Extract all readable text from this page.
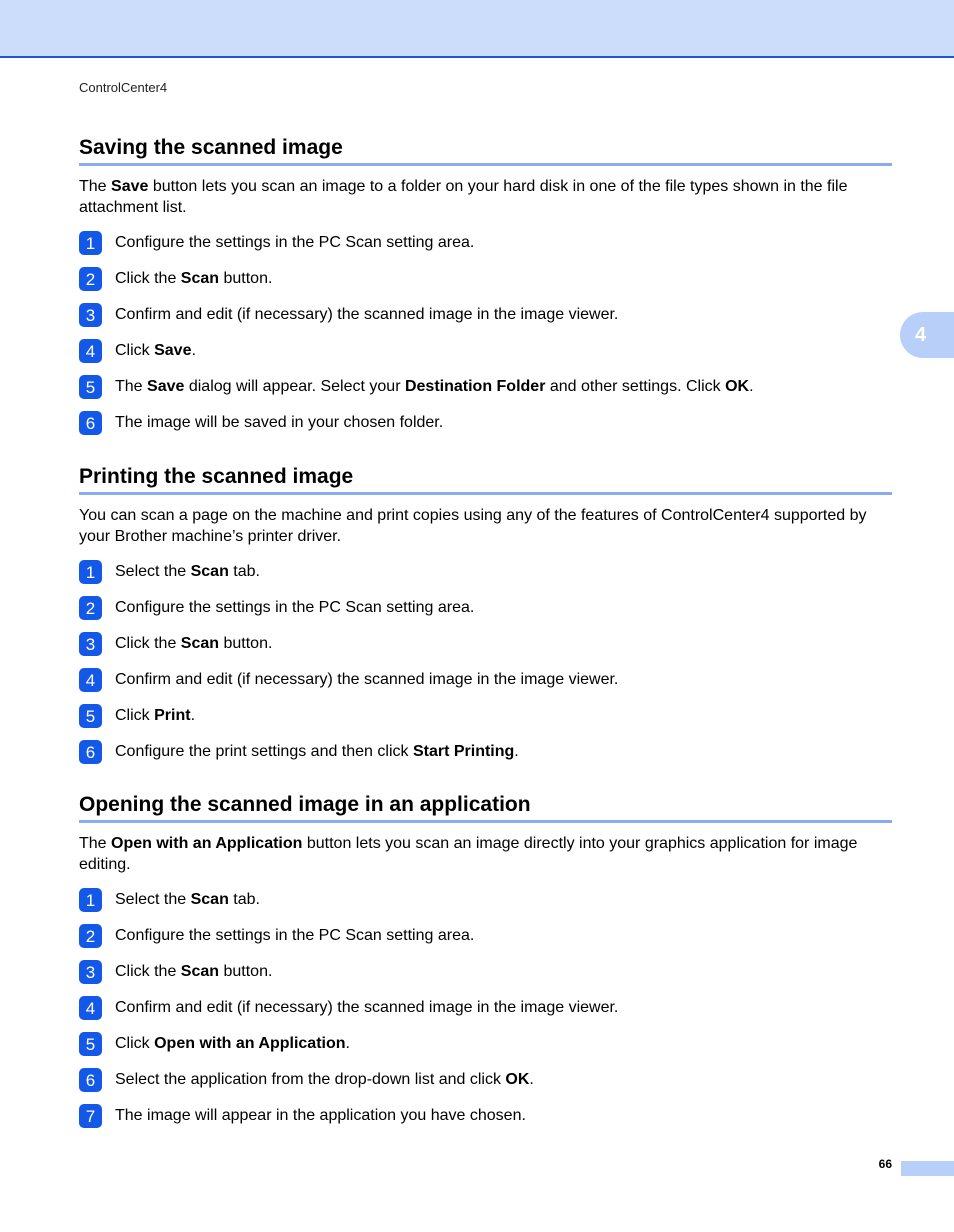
ControlCenter4
4
Saving the scanned image

The Save button lets you scan an image to a folder on your hard disk in one of the file types shown in the file attachment list.

1	Configure the settings in the PC Scan setting area.
2	Click the Scan button.
3	Confirm and edit (if necessary) the scanned image in the image viewer.
4	Click Save.
5	The Save dialog will appear. Select your Destination Folder and other settings. Click OK.
6	The image will be saved in your chosen folder.
Printing the scanned image

You can scan a page on the machine and print copies using any of the features of ControlCenter4 supported by your Brother machine’s printer driver.

1	Select the Scan tab.
2	Configure the settings in the PC Scan setting area.
3	Click the Scan button.
4	Confirm and edit (if necessary) the scanned image in the image viewer.
5	Click Print.
6	Configure the print settings and then click Start Printing.
Opening the scanned image in an application

The Open with an Application button lets you scan an image directly into your graphics application for image editing.

1	Select the Scan tab.
2	Configure the settings in the PC Scan setting area.
3	Click the Scan button.
4	Confirm and edit (if necessary) the scanned image in the image viewer.
5	Click Open with an Application.
6	Select the application from the drop-down list and click OK.
7	The image will appear in the application you have chosen.
66
